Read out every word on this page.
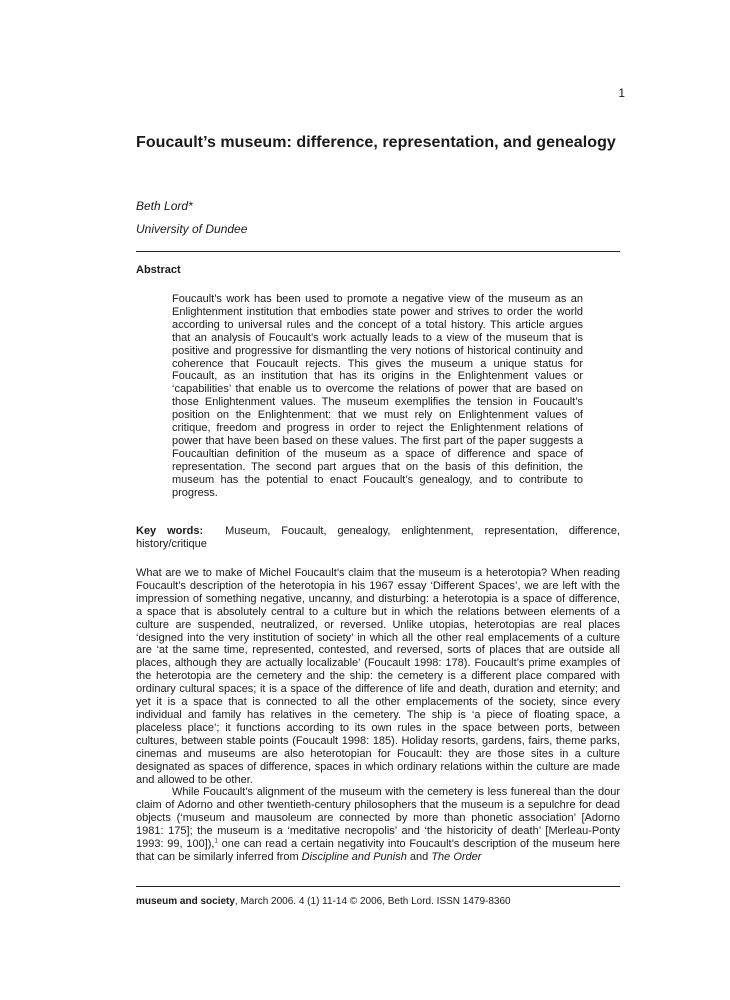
1
Foucault’s museum: difference, representation, and genealogy
Beth Lord*
University of Dundee
Abstract
Foucault’s work has been used to promote a negative view of the museum as an Enlightenment institution that embodies state power and strives to order the world according to universal rules and the concept of a total history. This article argues that an analysis of Foucault’s work actually leads to a view of the museum that is positive and progressive for dismantling the very notions of historical continuity and coherence that Foucault rejects. This gives the museum a unique status for Foucault, as an institution that has its origins in the Enlightenment values or ‘capabilities’ that enable us to overcome the relations of power that are based on those Enlightenment values. The museum exemplifies the tension in Foucault’s position on the Enlightenment: that we must rely on Enlightenment values of critique, freedom and progress in order to reject the Enlightenment relations of power that have been based on these values. The first part of the paper suggests a Foucaultian definition of the museum as a space of difference and space of representation. The second part argues that on the basis of this definition, the museum has the potential to enact Foucault’s genealogy, and to contribute to progress.
Key words: Museum, Foucault, genealogy, enlightenment, representation, difference, history/critique

What are we to make of Michel Foucault’s claim that the museum is a heterotopia? When reading Foucault’s description of the heterotopia in his 1967 essay ‘Different Spaces’, we are left with the impression of something negative, uncanny, and disturbing: a heterotopia is a space of difference, a space that is absolutely central to a culture but in which the relations between elements of a culture are suspended, neutralized, or reversed. Unlike utopias, heterotopias are real places ‘designed into the very institution of society’ in which all the other real emplacements of a culture are ‘at the same time, represented, contested, and reversed, sorts of places that are outside all places, although they are actually localizable’ (Foucault 1998: 178). Foucault’s prime examples of the heterotopia are the cemetery and the ship: the cemetery is a different place compared with ordinary cultural spaces; it is a space of the difference of life and death, duration and eternity; and yet it is a space that is connected to all the other emplacements of the society, since every individual and family has relatives in the cemetery. The ship is ‘a piece of floating space, a placeless place’; it functions according to its own rules in the space between ports, between cultures, between stable points (Foucault 1998: 185). Holiday resorts, gardens, fairs, theme parks, cinemas and museums are also heterotopian for Foucault: they are those sites in a culture designated as spaces of difference, spaces in which ordinary relations within the culture are made and allowed to be other.

While Foucault’s alignment of the museum with the cemetery is less funereal than the dour claim of Adorno and other twentieth-century philosophers that the museum is a sepulchre for dead objects (‘museum and mausoleum are connected by more than phonetic association’ [Adorno 1981: 175]; the museum is a ‘meditative necropolis’ and ‘the historicity of death’ [Merleau-Ponty 1993: 99, 100]),$^1$ one can read a certain negativity into Foucault’s description of the museum here that can be similarly inferred from Discipline and Punish and The Order

museum and society, March 2006. 4 (1) 11-14 © 2006, Beth Lord. ISSN 1479-8360
